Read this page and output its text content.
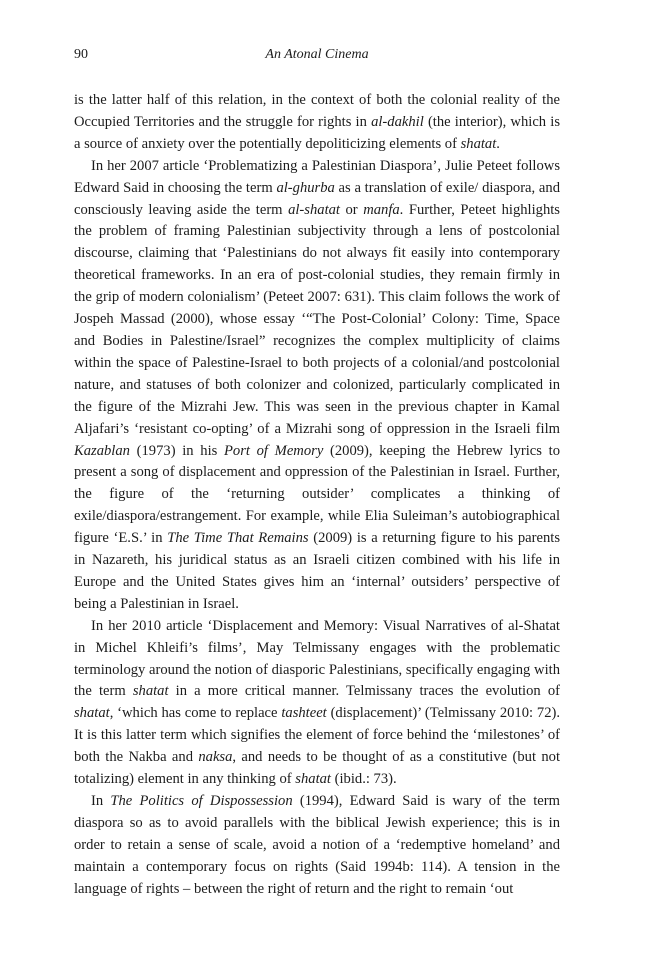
90	An Atonal Cinema

is the latter half of this relation, in the context of both the colonial reality of the Occupied Territories and the struggle for rights in al-dakhil (the interior), which is a source of anxiety over the potentially depoliticizing elements of shatat.

In her 2007 article ‘Problematizing a Palestinian Diaspora’, Julie Peteet follows Edward Said in choosing the term al-ghurba as a translation of exile/ diaspora, and consciously leaving aside the term al-shatat or manfa. Further, Peteet highlights the problem of framing Palestinian subjectivity through a lens of postcolonial discourse, claiming that ‘Palestinians do not always fit easily into contemporary theoretical frameworks. In an era of post-colonial studies, they remain firmly in the grip of modern colonialism’ (Peteet 2007: 631). This claim follows the work of Jospeh Massad (2000), whose essay ‘“The Post-Colonial’ Colony: Time, Space and Bodies in Palestine/Israel” recognizes the complex multiplicity of claims within the space of Palestine-Israel to both projects of a colonial/and postcolonial nature, and statuses of both colonizer and colonized, particularly complicated in the figure of the Mizrahi Jew. This was seen in the previous chapter in Kamal Aljafari’s ‘resistant co-opting’ of a Mizrahi song of oppression in the Israeli film Kazablan (1973) in his Port of Memory (2009), keeping the Hebrew lyrics to present a song of displacement and oppression of the Palestinian in Israel. Further, the figure of the ‘returning outsider’ complicates a thinking of exile/diaspora/estrangement. For example, while Elia Suleiman’s autobiographical figure ‘E.S.’ in The Time That Remains (2009) is a returning figure to his parents in Nazareth, his juridical status as an Israeli citizen combined with his life in Europe and the United States gives him an ‘internal’ outsiders’ perspective of being a Palestinian in Israel.

In her 2010 article ‘Displacement and Memory: Visual Narratives of al-Shatat in Michel Khleifi’s films’, May Telmissany engages with the problematic terminology around the notion of diasporic Palestinians, specifically engaging with the term shatat in a more critical manner. Telmissany traces the evolution of shatat, ‘which has come to replace tashteet (displacement)’ (Telmissany 2010: 72). It is this latter term which signifies the element of force behind the ‘milestones’ of both the Nakba and naksa, and needs to be thought of as a constitutive (but not totalizing) element in any thinking of shatat (ibid.: 73).

In The Politics of Dispossession (1994), Edward Said is wary of the term diaspora so as to avoid parallels with the biblical Jewish experience; this is in order to retain a sense of scale, avoid a notion of a ‘redemptive homeland’ and maintain a contemporary focus on rights (Said 1994b: 114). A tension in the language of rights – between the right of return and the right to remain ‘out
